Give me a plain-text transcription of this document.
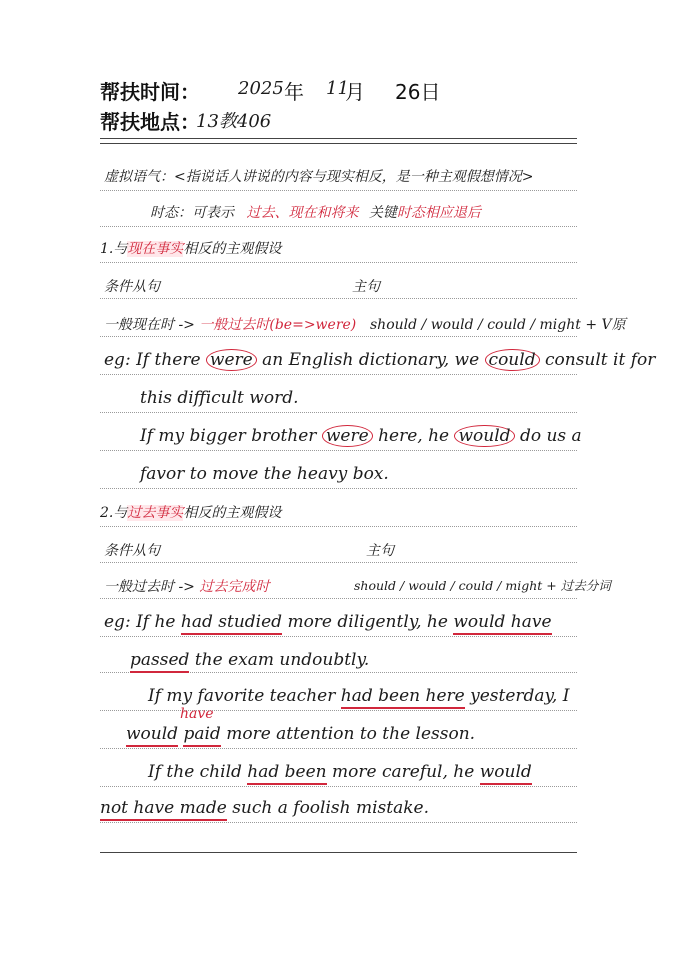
帮扶时间： 2025 年 11
月 26日
帮扶地点：
13教406
虚拟语气：<指说话人讲说的内容与现实相反，是一种主观假想情况>
时态：可表示 过去、现在和将来 关键时态相应退后
1.与现在事实相反的主观假设
条件从句	主句
一般现在时 -> 一般过去时(be=>were) should / would / could / might + V原
eg: If there were an English dictionary, we could consult it for
this difficult word.
If my bigger brother were here, he would do us a
favor to move the heavy box.
2.与过去事实相反的主观假设
条件从句	主句
一般过去时 -> 过去完成时	should / would / could / might + 过去分词
eg: If he had studied more diligently, he would have
passed the exam undoubtly.
If my favorite teacher had been here yesterday, I
have
would paid more attention to the lesson.
If the child had been more careful, he would
not have made such a foolish mistake.
